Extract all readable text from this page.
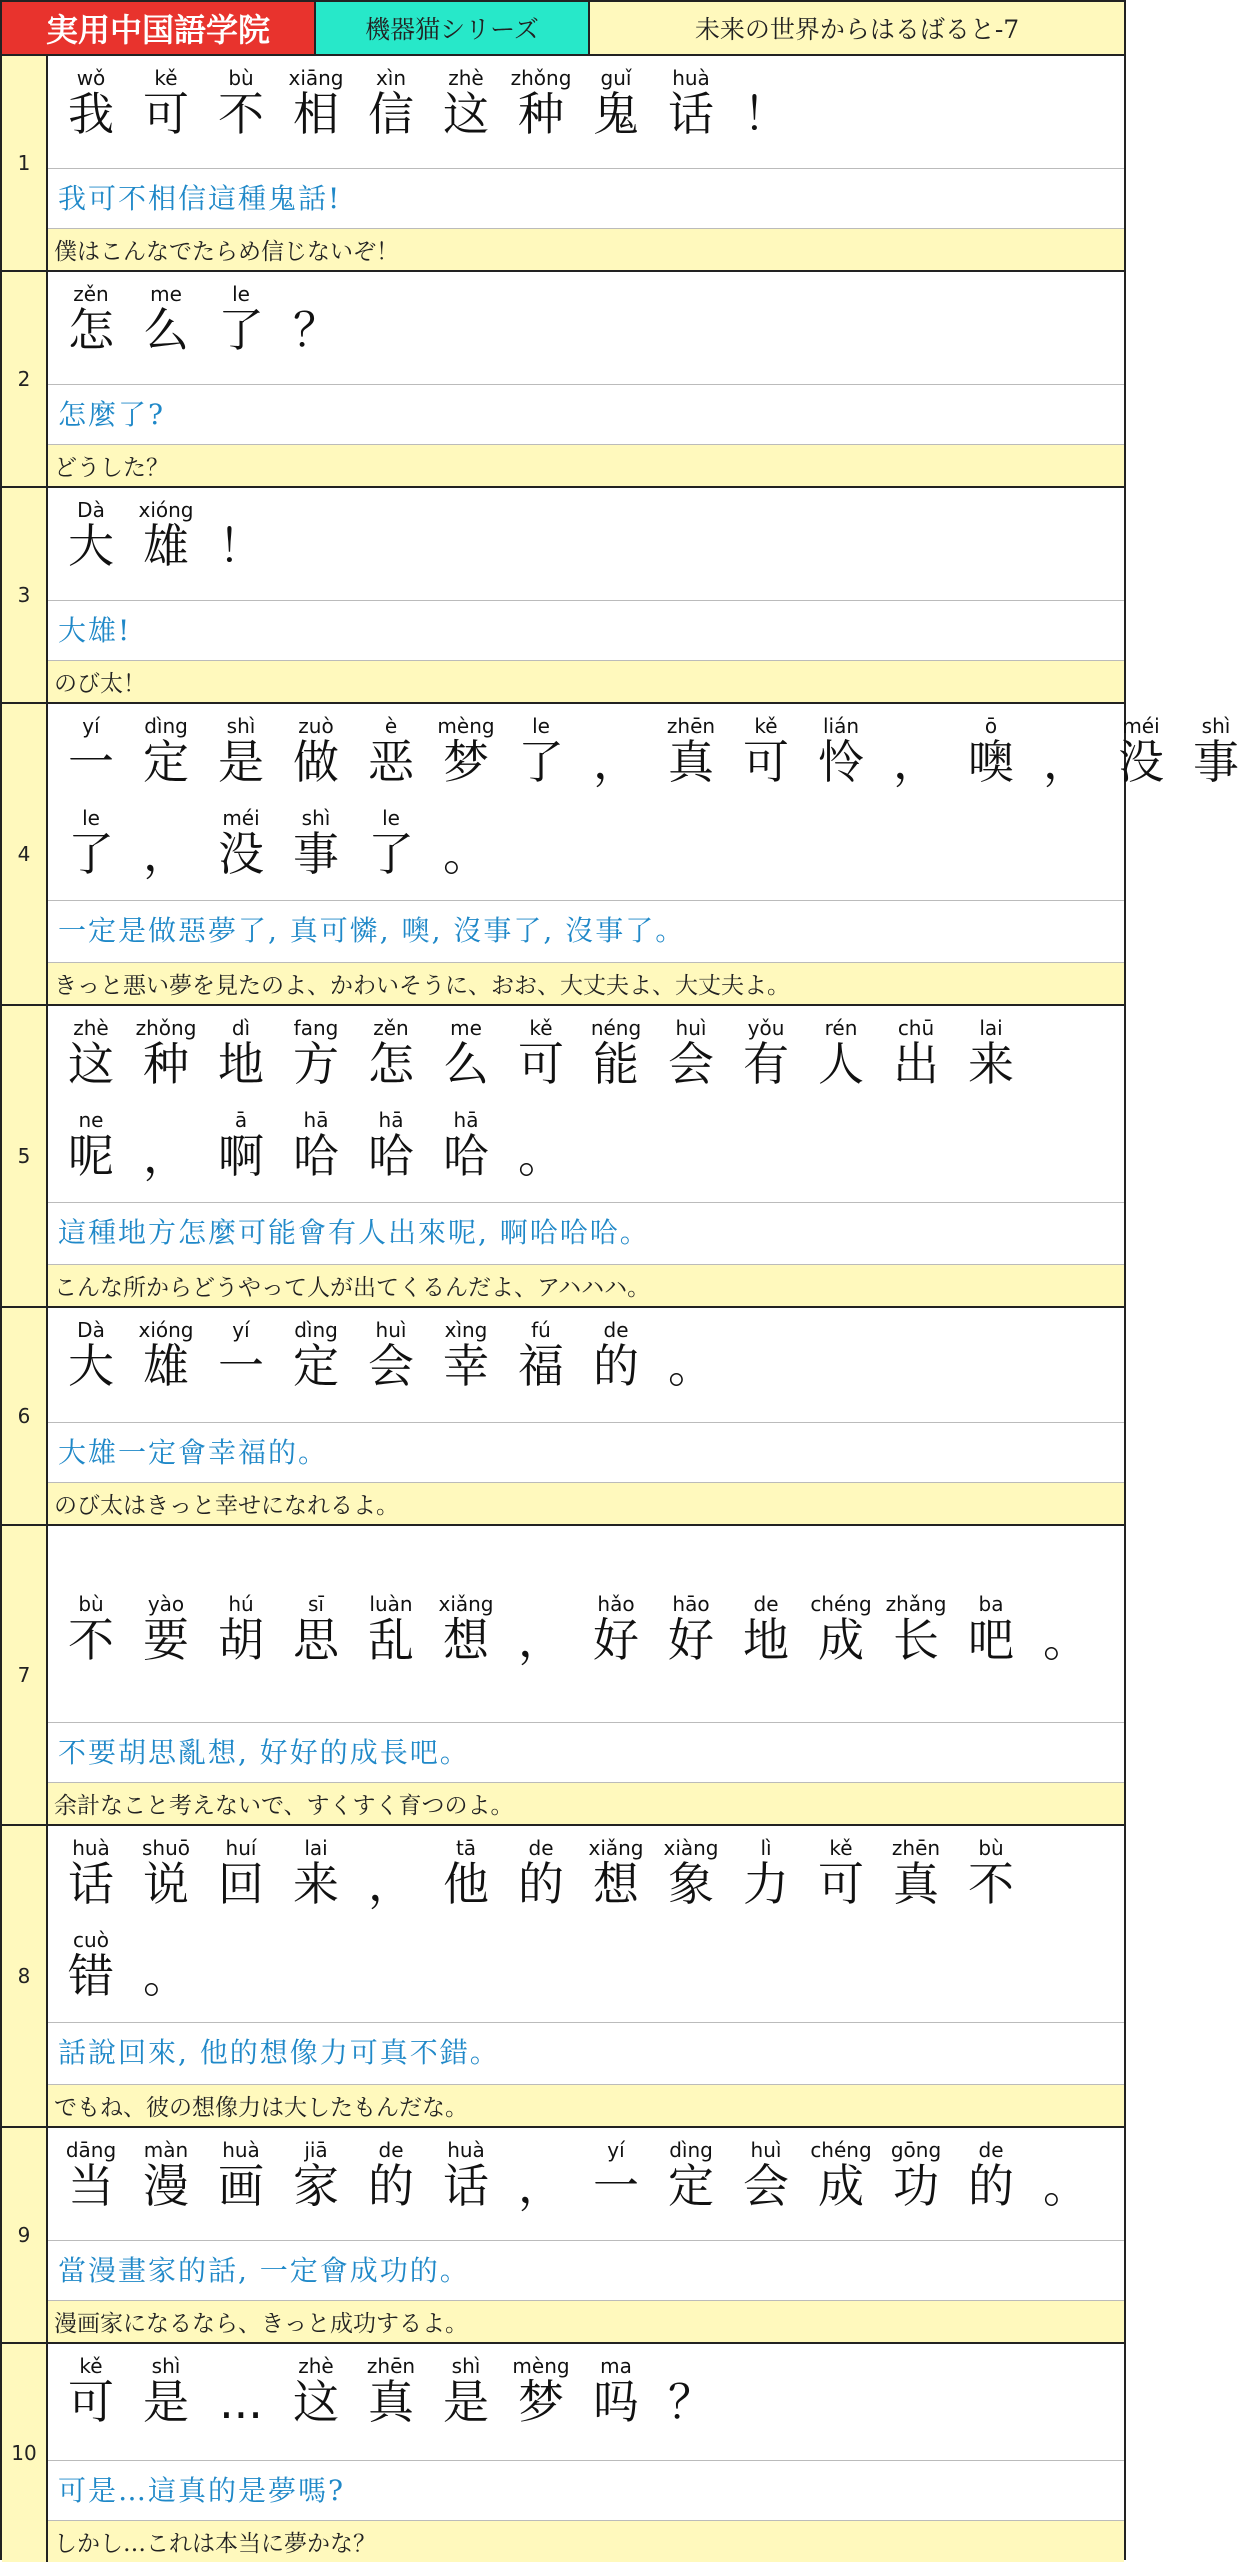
実用中国語学院	機器猫シリーズ	未来の世界からはるばると-7
1
wǒ
我
kě
可
bù
不
xiāng
相
xìn
信
zhè
这
zhǒng
种
guǐ
鬼
huà
话 ！
我可不相信這種鬼話!
僕はこんなでたらめ信じないぞ！
2
zěn
怎
me
么
le
了 ？
怎麼了?
どうした？
3
Dà
大
xióng
雄 ！
大雄!
のび太！
4
yí
一
dìng
定
shì
是
zuò
做
è
恶
mèng
梦
le
了 ，
zhēn
真
kě
可
lián
怜 ，
ō
噢 ，
méi
没
shì
事
le
了 ，
méi
没
shì
事
le
了 。
一定是做惡夢了, 真可憐, 噢, 沒事了, 沒事了。
きっと悪い夢を見たのよ、かわいそうに、おお、大丈夫よ、大丈夫よ。
5
zhè
这
zhǒng
种
dì
地
fang
方
zěn
怎
me
么
kě
可
néng
能
huì
会
yǒu
有
rén
人
chū
出
lai
来
ne
呢 ，
ā
啊
hā
哈
hā
哈
hā
哈 。
這種地方怎麼可能會有人出來呢, 啊哈哈哈。
こんな所からどうやって人が出てくるんだよ、アハハハ。
6
Dà
大
xióng
雄
yí
一
dìng
定
huì
会
xìng
幸
fú
福
de
的 。
大雄一定會幸福的。
のび太はきっと幸せになれるよ。
7
bù
不
yào
要
hú
胡
sī
思
luàn
乱
xiǎng
想 ，
hǎo
好
hāo
好
de
地
chéng
成
zhǎng
长
ba
吧 。
不要胡思亂想, 好好的成長吧。
余計なこと考えないで、すくすく育つのよ。
8
huà
话
shuō
说
huí
回
lai
来 ，
tā
他
de
的
xiǎng
想
xiàng
象
lì
力
kě
可
zhēn
真
bù
不
cuò
错 。
話說回來, 他的想像力可真不錯。
でもね、彼の想像力は大したもんだな。
9
dāng
当
màn
漫
huà
画
jiā
家
de
的
huà
话 ，
yí
一
dìng
定
huì
会
chéng
成
gōng
功
de
的 。
當漫畫家的話, 一定會成功的。
漫画家になるなら、きっと成功するよ。
10
kě
可
shì
是 ...
zhè
这
zhēn
真
shì
是
mèng
梦
ma
吗 ？
可是…這真的是夢嗎?
しかし…これは本当に夢かな？
